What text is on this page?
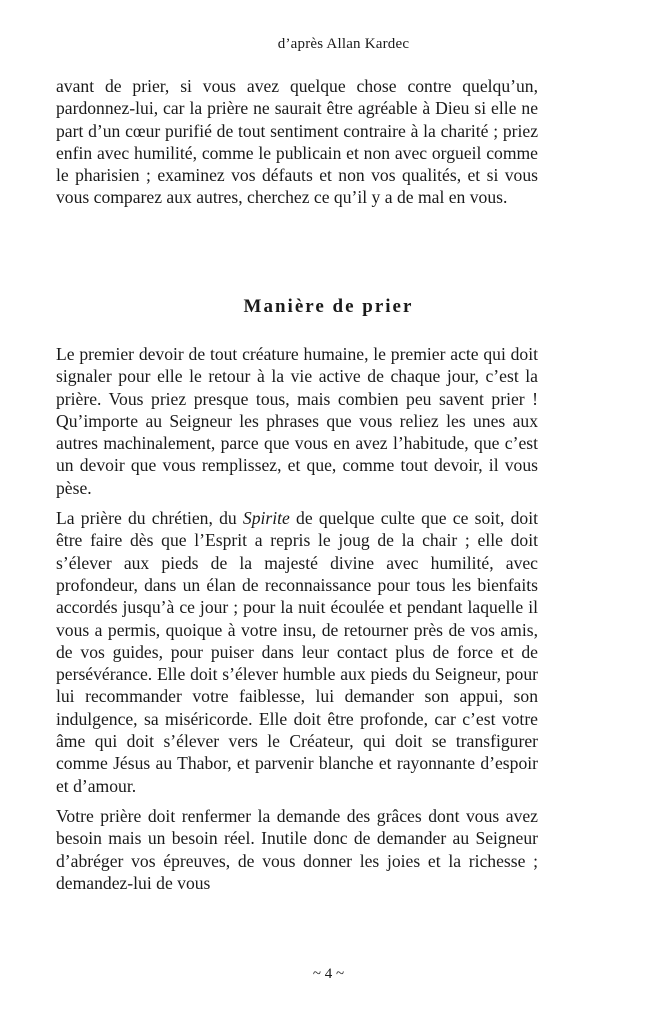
d’après Allan Kardec

avant de prier, si vous avez quelque chose contre quelqu’un, pardonnez-lui, car la prière ne saurait être agréable à Dieu si elle ne part d’un cœur purifié de tout sentiment contraire à la charité ; priez enfin avec humilité, comme le publicain et non avec orgueil comme le pharisien ; examinez vos défauts et non vos qualités, et si vous vous comparez aux autres, cherchez ce qu’il y a de mal en vous.

Manière de prier

Le premier devoir de tout créature humaine, le premier acte qui doit signaler pour elle le retour à la vie active de chaque jour, c’est la prière. Vous priez presque tous, mais combien peu savent prier ! Qu’importe au Seigneur les phrases que vous reliez les unes aux autres machinalement, parce que vous en avez l’habitude, que c’est un devoir que vous remplissez, et que, comme tout devoir, il vous pèse.

La prière du chrétien, du Spirite de quelque culte que ce soit, doit être faire dès que l’Esprit a repris le joug de la chair ; elle doit s’élever aux pieds de la majesté divine avec humilité, avec profondeur, dans un élan de reconnaissance pour tous les bienfaits accordés jusqu’à ce jour ; pour la nuit écoulée et pendant laquelle il vous a permis, quoique à votre insu, de retourner près de vos amis, de vos guides, pour puiser dans leur contact plus de force et de persévérance. Elle doit s’élever humble aux pieds du Seigneur, pour lui recommander votre faiblesse, lui demander son appui, son indulgence, sa miséricorde. Elle doit être profonde, car c’est votre âme qui doit s’élever vers le Créateur, qui doit se transfigurer comme Jésus au Thabor, et parvenir blanche et rayonnante d’espoir et d’amour.

Votre prière doit renfermer la demande des grâces dont vous avez besoin mais un besoin réel. Inutile donc de demander au Seigneur d’abréger vos épreuves, de vous donner les joies et la richesse ; demandez-lui de vous

~ 4 ~
